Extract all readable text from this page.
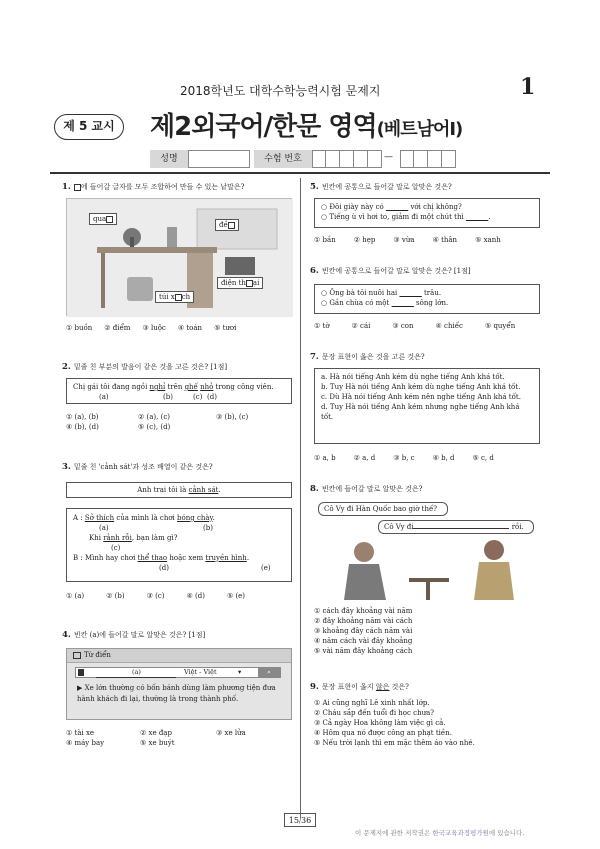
2018학년도 대학수학능력시험 문제지	1
제 5 교시	제2외국어/한문 영역(베트남어Ⅰ)
성명	수험 번호	—
1. 에 들어갈 글자를 모두 조합하여 만들 수 있는 낱말은?
qua
đề
điện th ại
túi x ch
① buồn ② điểm ③ luộc ④ toán ⑤ tươi
2. 밑줄 친 부분의 발음이 같은 것을 고른 것은? [1점]
Chị gái tôi đang ngồi nghỉ trên ghế nhỏ trong công viên.
(a)	(b)	(c) (d)
① (a), (b)	② (a), (c)	③ (b), (c)
④ (b), (d)	⑤ (c), (d)
3. 밑줄 친 'cảnh sát'과 성조 배열이 같은 것은?
Anh trai tôi là cảnh sát.
A : Sở thích của mình là chơi bóng chày.
(a)	(b)
Khi rảnh rỗi, bạn làm gì?
(c)
B : Mình hay chơi thể thao hoặc xem truyền hình.
(d)	(e)
① (a)	② (b)	③ (c)	④ (d)	⑤ (e)
4. 빈칸 (a)에 들어갈 말로 알맞은 것은? [1점]
Từ điển
(a)	Việt - Việt	▾	⌕
▶ Xe lớn thường có bốn bánh dùng làm phương tiện đưa hành khách đi lại, thường là trong thành phố.
① tài xe	② xe đạp	③ xe lửa
④ máy bay	⑤ xe buýt
5. 빈칸에 공통으로 들어갈 말로 알맞은 것은?
○ Đôi giày này có	với chị không?
○ Tiếng ù vì hơi to, giảm đi một chút thì	.
① bần	② hẹp	③ vừa	④ thân	⑤ xanh
6. 빈칸에 공통으로 들어갈 말로 알맞은 것은? [1점]
○ Ông bà tôi nuôi hai	trâu.
○ Gần chùa có một	sông lớn.
① tờ	② cái	③ con	④ chiếc	⑤ quyển
7. 문장 표현이 옳은 것을 고른 것은?
a. Hà nói tiếng Anh kém dù nghe tiếng Anh khá tốt.
b. Tuy Hà nói tiếng Anh kém dù nghe tiếng Anh khá tốt.
c. Dù Hà nói tiếng Anh kém nên nghe tiếng Anh khá tốt.
d. Tuy Hà nói tiếng Anh kém nhưng nghe tiếng Anh khá tốt.
① a, b	② a, d	③ b, c	④ b, d	⑤ c, d
8. 빈칸에 들어갈 말로 알맞은 것은?
Cô Vy đi Hàn Quốc bao giờ thế?
Cô Vy đi	rồi.
① cách đây khoảng vài năm
② đây khoảng năm vài cách
③ khoảng đây cách năm vài
④ năm cách vài đây khoảng
⑤ vài năm đây khoảng cách
9. 문장 표현이 옳지 않은 것은?
① Ai cũng nghĩ Lê xinh nhất lớp.
② Cháu sắp đến tuổi đi học chưa?
③ Cả ngày Hoa không làm việc gì cả.
④ Hôm qua nó được công an phạt tiền.
⑤ Nếu trời lạnh thì em mặc thêm áo vào nhé.
15/36
이 문제지에 관한 저작권은 한국교육과정평가원에 있습니다.
